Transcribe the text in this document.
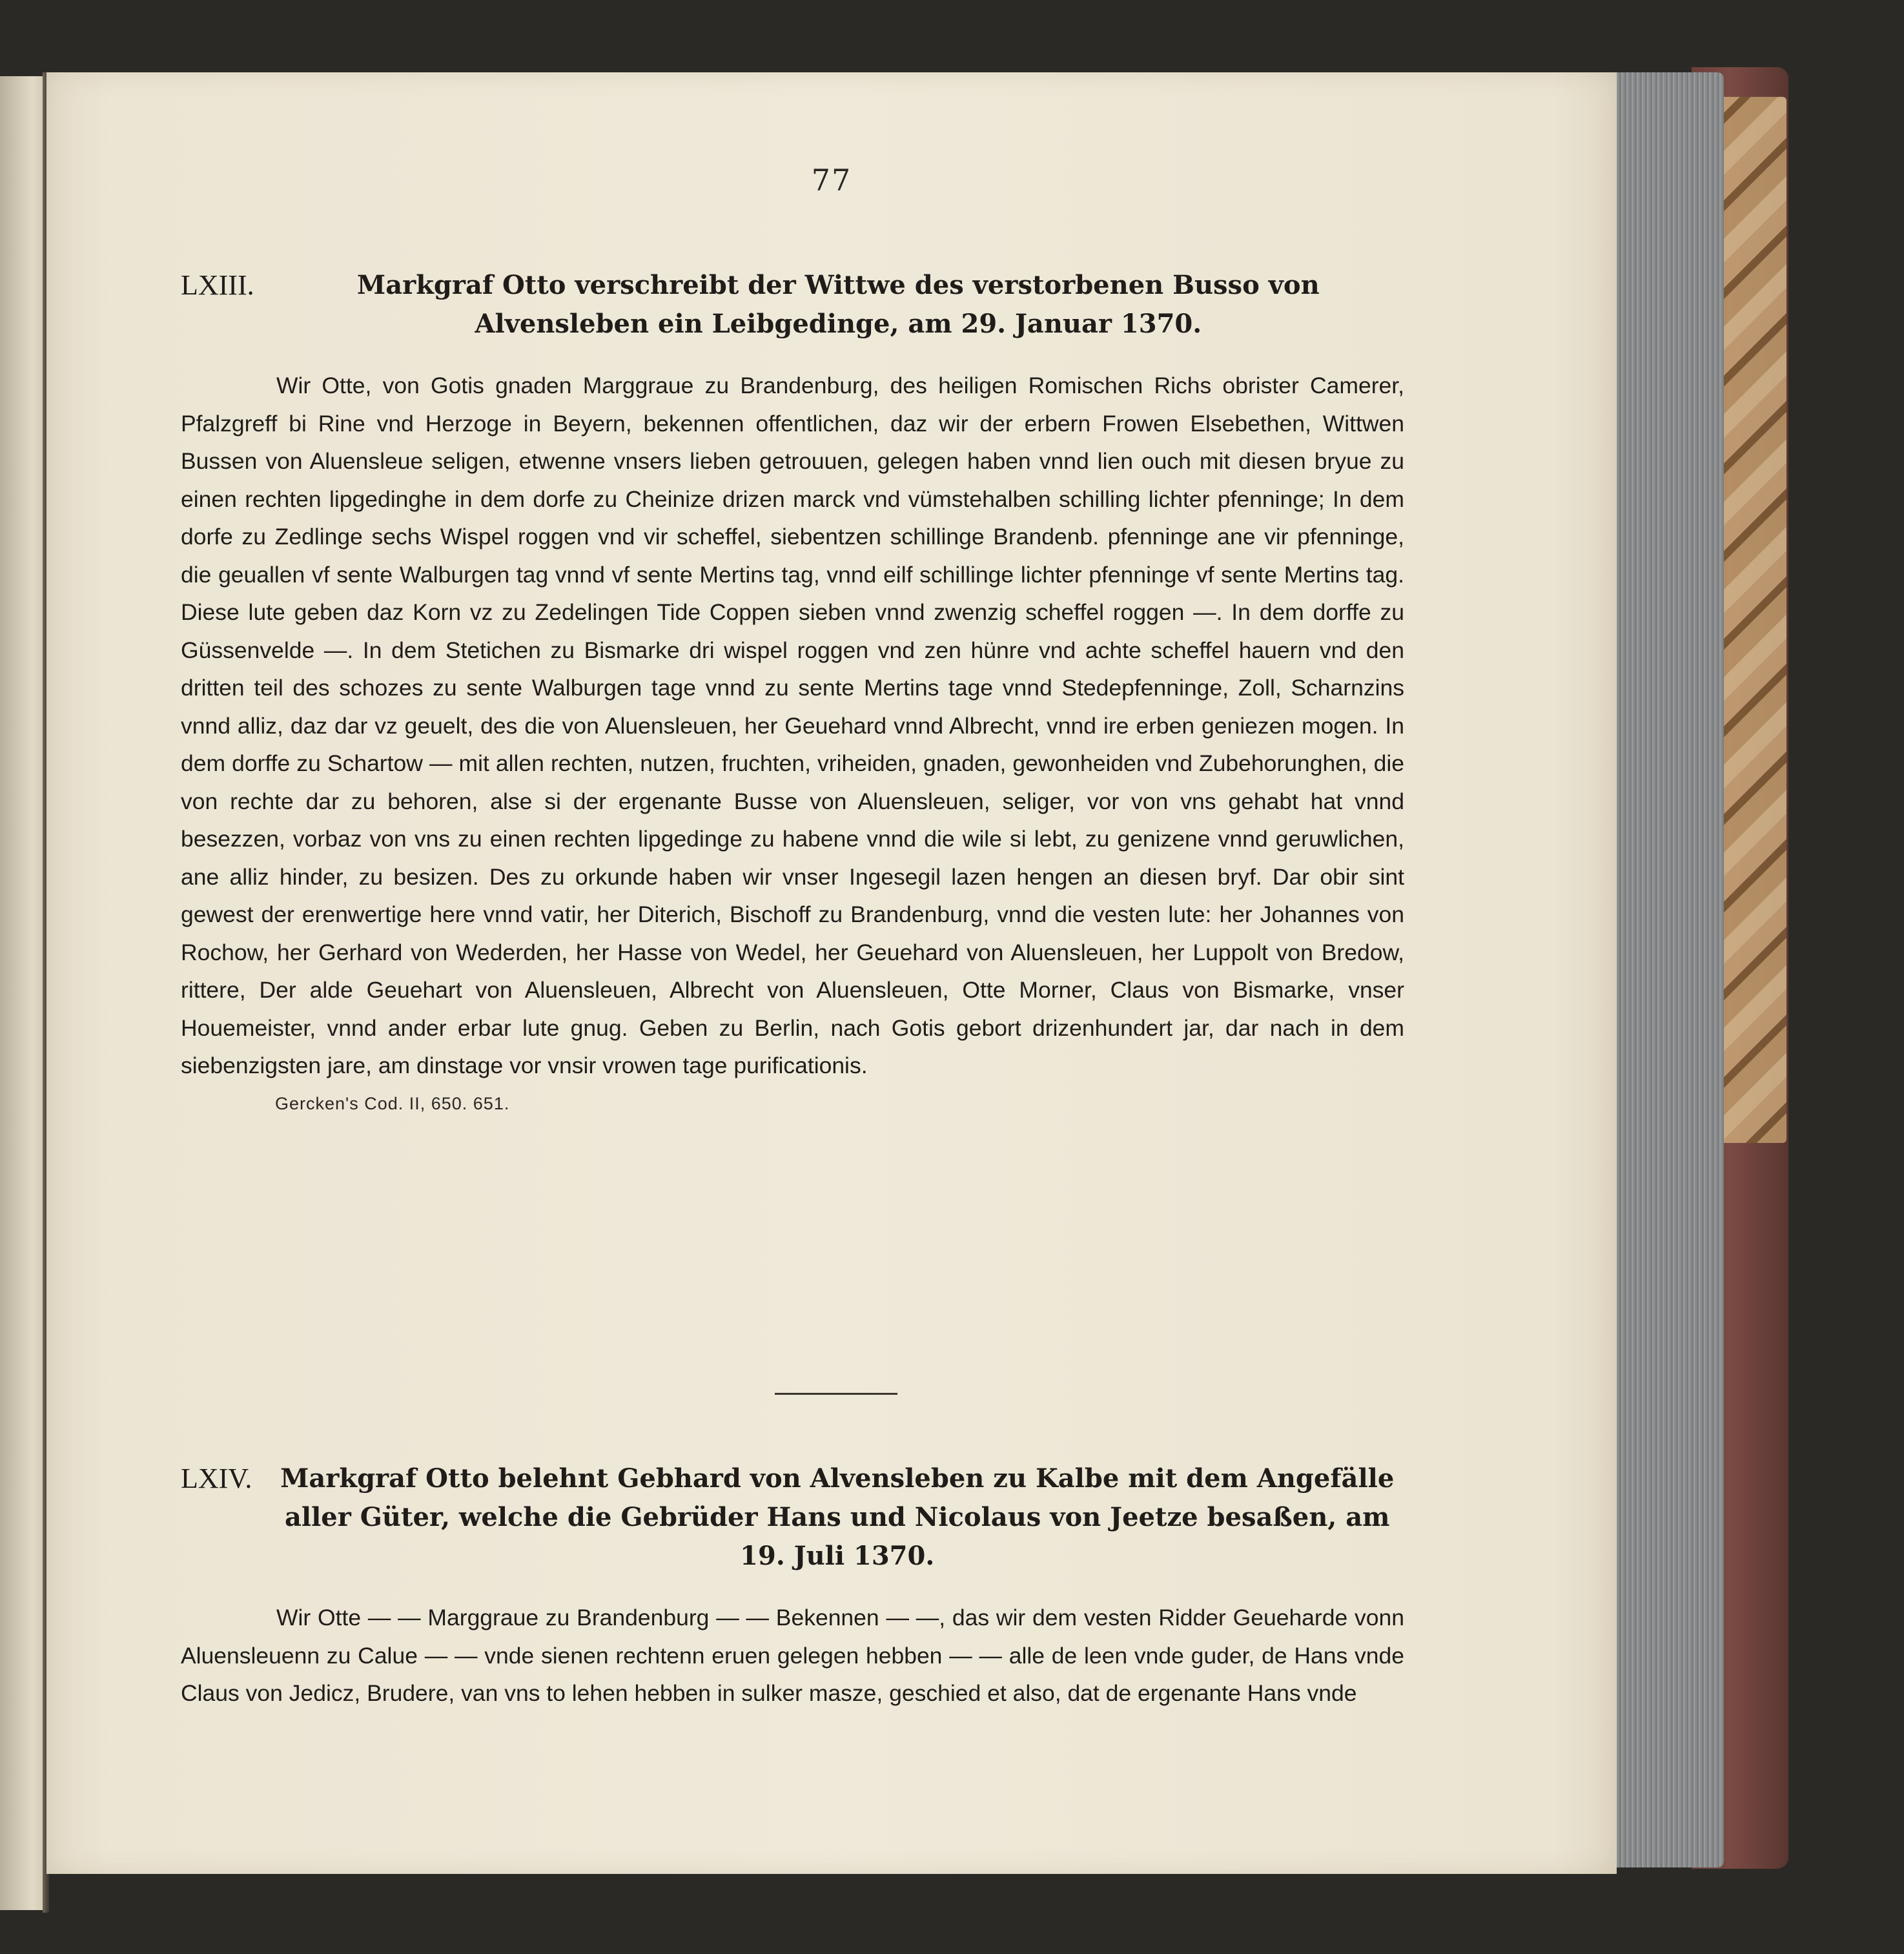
77
LXIII.	Markgraf Otto verschreibt der Wittwe des verstorbenen Busso von Alvensleben ein Leibgedinge, am 29. Januar 1370.
Wir Otte, von Gotis gnaden Marggraue zu Brandenburg, des heiligen Romischen Richs obrister Camerer, Pfalzgreff bi Rine vnd Herzoge in Beyern, bekennen offentlichen, daz wir der erbern Frowen Elsebethen, Wittwen Bussen von Aluensleue seligen, etwenne vnsers lieben getrouuen, gelegen haben vnnd lien ouch mit diesen bryue zu einen rechten lipgedinghe in dem dorfe zu Cheinize drizen marck vnd vümstehalben schilling lichter pfenninge; In dem dorfe zu Zedlinge sechs Wispel roggen vnd vir scheffel, siebentzen schillinge Brandenb. pfenninge ane vir pfenninge, die geuallen vf sente Walburgen tag vnnd vf sente Mertins tag, vnnd eilf schillinge lichter pfenninge vf sente Mertins tag. Diese lute geben daz Korn vz zu Zedelingen Tide Coppen sieben vnnd zwenzig scheffel roggen —. In dem dorffe zu Güssenvelde —. In dem Stetichen zu Bismarke dri wispel roggen vnd zen hünre vnd achte scheffel hauern vnd den dritten teil des schozes zu sente Walburgen tage vnnd zu sente Mertins tage vnnd Stedepfenninge, Zoll, Scharnzins vnnd alliz, daz dar vz geuelt, des die von Aluensleuen, her Geuehard vnnd Albrecht, vnnd ire erben geniezen mogen. In dem dorffe zu Schartow — mit allen rechten, nutzen, fruchten, vriheiden, gnaden, gewonheiden vnd Zubehorunghen, die von rechte dar zu behoren, alse si der ergenante Busse von Aluensleuen, seliger, vor von vns gehabt hat vnnd besezzen, vorbaz von vns zu einen rechten lipgedinge zu habene vnnd die wile si lebt, zu genizene vnnd geruwlichen, ane alliz hinder, zu besizen. Des zu orkunde haben wir vnser Ingesegil lazen hengen an diesen bryf. Dar obir sint gewest der erenwertige here vnnd vatir, her Diterich, Bischoff zu Brandenburg, vnnd die vesten lute: her Johannes von Rochow, her Gerhard von Wederden, her Hasse von Wedel, her Geuehard von Aluensleuen, her Luppolt von Bredow, rittere, Der alde Geuehart von Aluensleuen, Albrecht von Aluensleuen, Otte Morner, Claus von Bismarke, vnser Houemeister, vnnd ander erbar lute gnug. Geben zu Berlin, nach Gotis gebort drizenhundert jar, dar nach in dem siebenzigsten jare, am dinstage vor vnsir vrowen tage purificationis.
Gercken's Cod. II, 650. 651.
LXIV.	Markgraf Otto belehnt Gebhard von Alvensleben zu Kalbe mit dem Angefälle aller Güter, welche die Gebrüder Hans und Nicolaus von Jeetze besaßen, am 19. Juli 1370.
Wir Otte — — Marggraue zu Brandenburg — — Bekennen — —, das wir dem vesten Ridder Geueharde vonn Aluensleuenn zu Calue — — vnde sienen rechtenn eruen gelegen hebben — — alle de leen vnde guder, de Hans vnde Claus von Jedicz, Brudere, van vns to lehen hebben in sulker masze, geschied et also, dat de ergenante Hans vnde
